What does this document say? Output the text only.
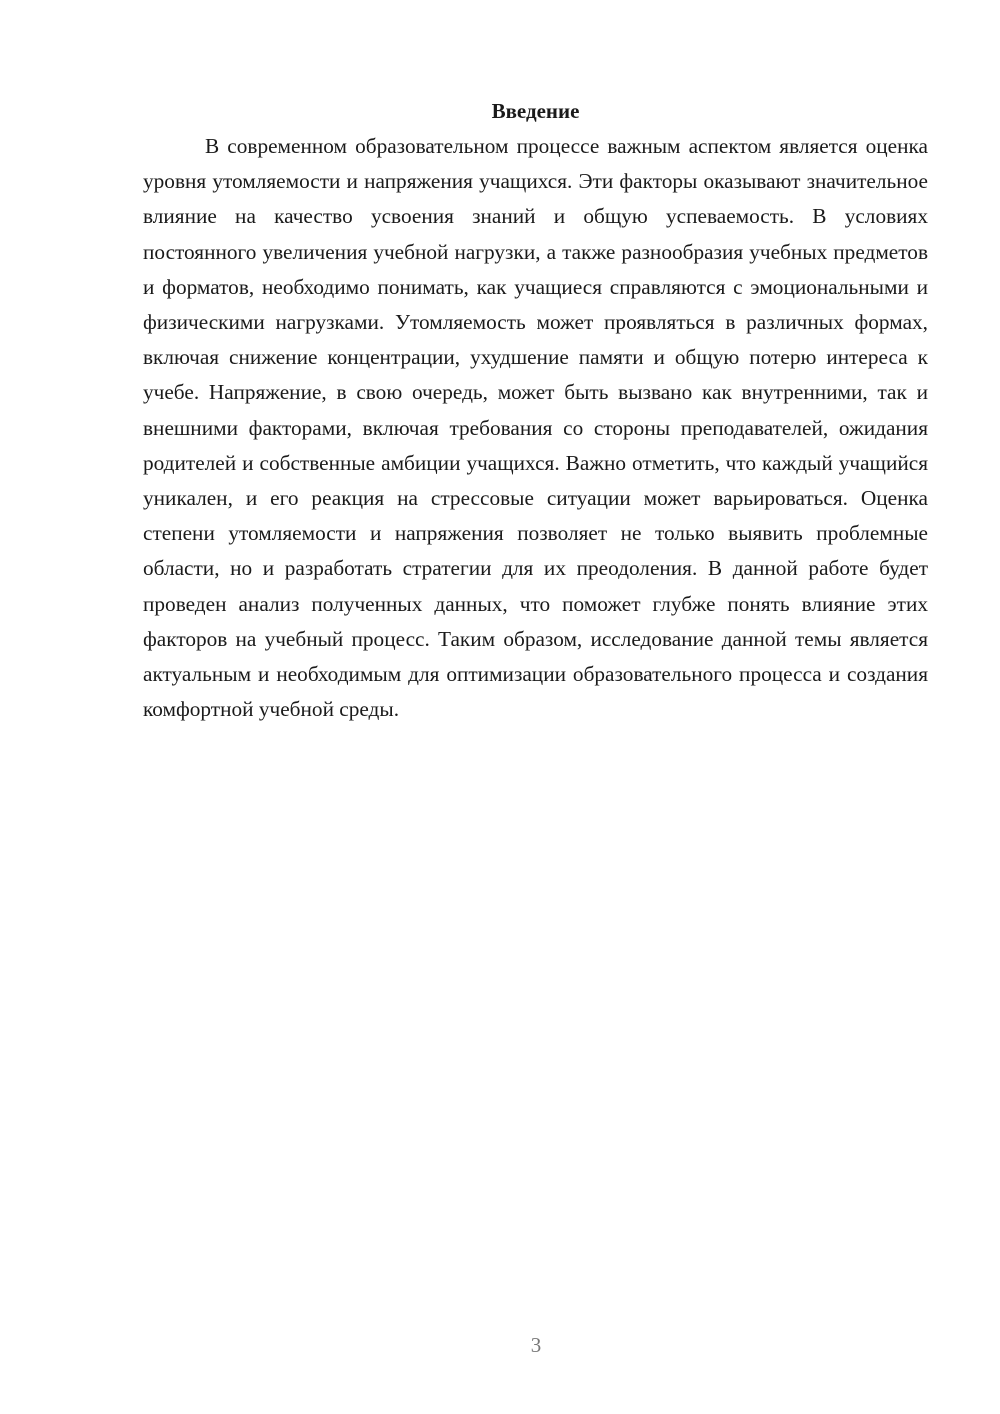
Введение

В современном образовательном процессе важным аспектом является оценка уровня утомляемости и напряжения учащихся. Эти факторы оказывают значительное влияние на качество усвоения знаний и общую успеваемость. В условиях постоянного увеличения учебной нагрузки, а также разнообразия учебных предметов и форматов, необходимо понимать, как учащиеся справляются с эмоциональными и физическими нагрузками. Утомляемость может проявляться в различных формах, включая снижение концентрации, ухудшение памяти и общую потерю интереса к учебе. Напряжение, в свою очередь, может быть вызвано как внутренними, так и внешними факторами, включая требования со стороны преподавателей, ожидания родителей и собственные амбиции учащихся. Важно отметить, что каждый учащийся уникален, и его реакция на стрессовые ситуации может варьироваться. Оценка степени утомляемости и напряжения позволяет не только выявить проблемные области, но и разработать стратегии для их преодоления. В данной работе будет проведен анализ полученных данных, что поможет глубже понять влияние этих факторов на учебный процесс. Таким образом, исследование данной темы является актуальным и необходимым для оптимизации образовательного процесса и создания комфортной учебной среды.

3
